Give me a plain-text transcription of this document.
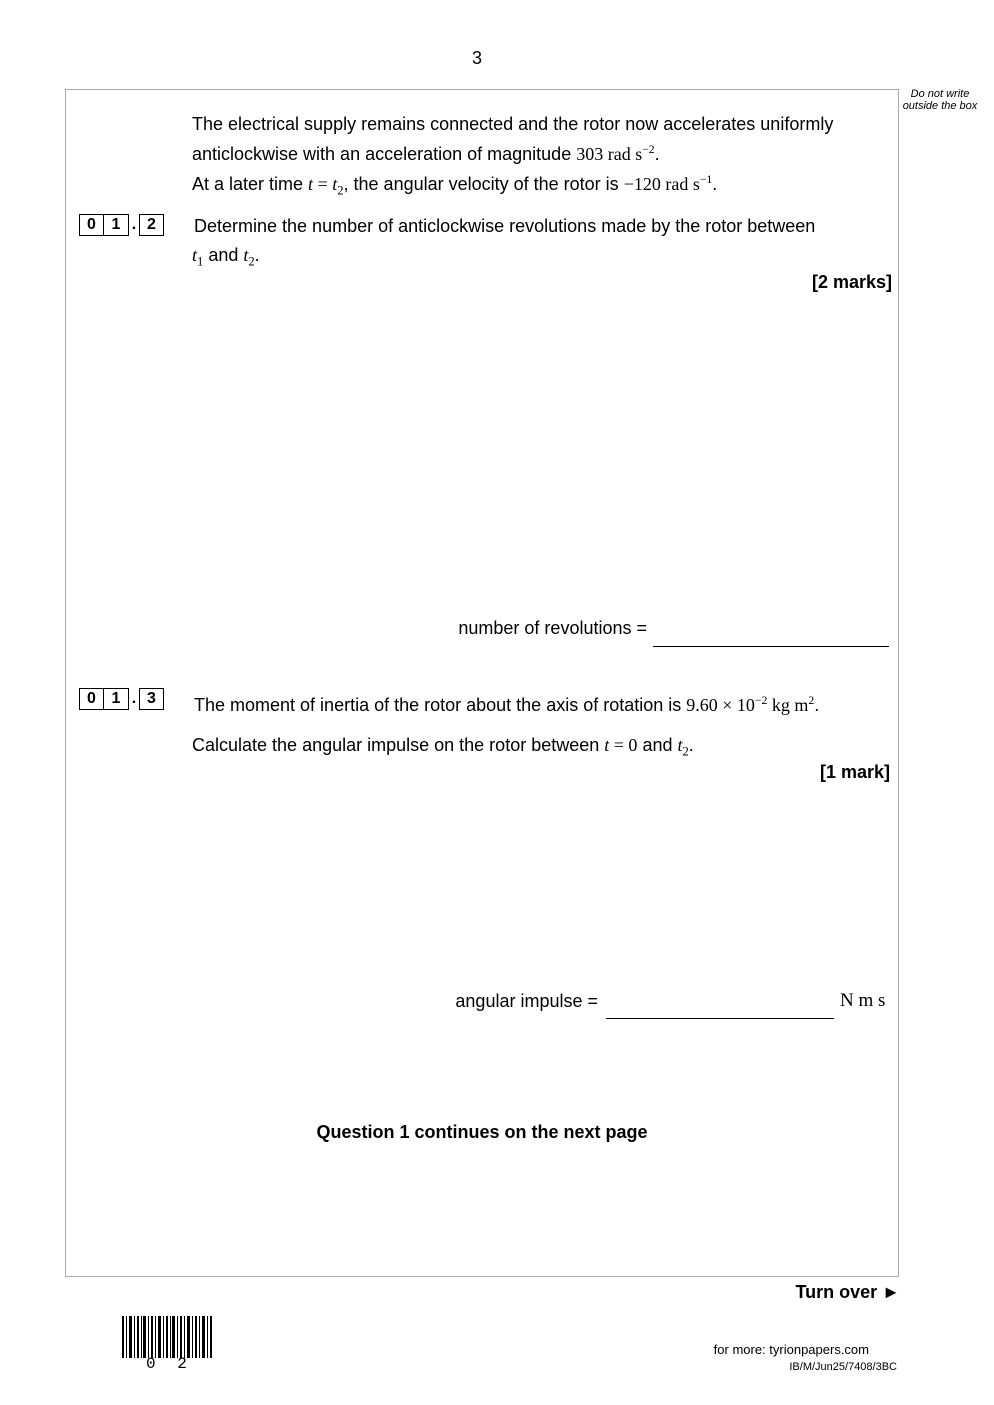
3
Do not write outside the box
The electrical supply remains connected and the rotor now accelerates uniformly
anticlockwise with an acceleration of magnitude 303 rad $s^{-2}$.
At a later time $t = t_2$, the angular velocity of the rotor is −120 rad $s^{-1}$.
0 1 . 2	Determine the number of anticlockwise revolutions made by the rotor between
$t_1$ and $t_2$.
[2 marks]
number of revolutions =
0 1 . 3	The moment of inertia of the rotor about the axis of rotation is $9.60 \times 10^{-2}$ kg $m^2$.
Calculate the angular impulse on the rotor between t = 0 and $t_2$.
[1 mark]
angular impulse =	N m s
Question 1 continues on the next page
Turn over ►
0 2
for more: tyrionpapers.com
IB/M/Jun25/7408/3BC
